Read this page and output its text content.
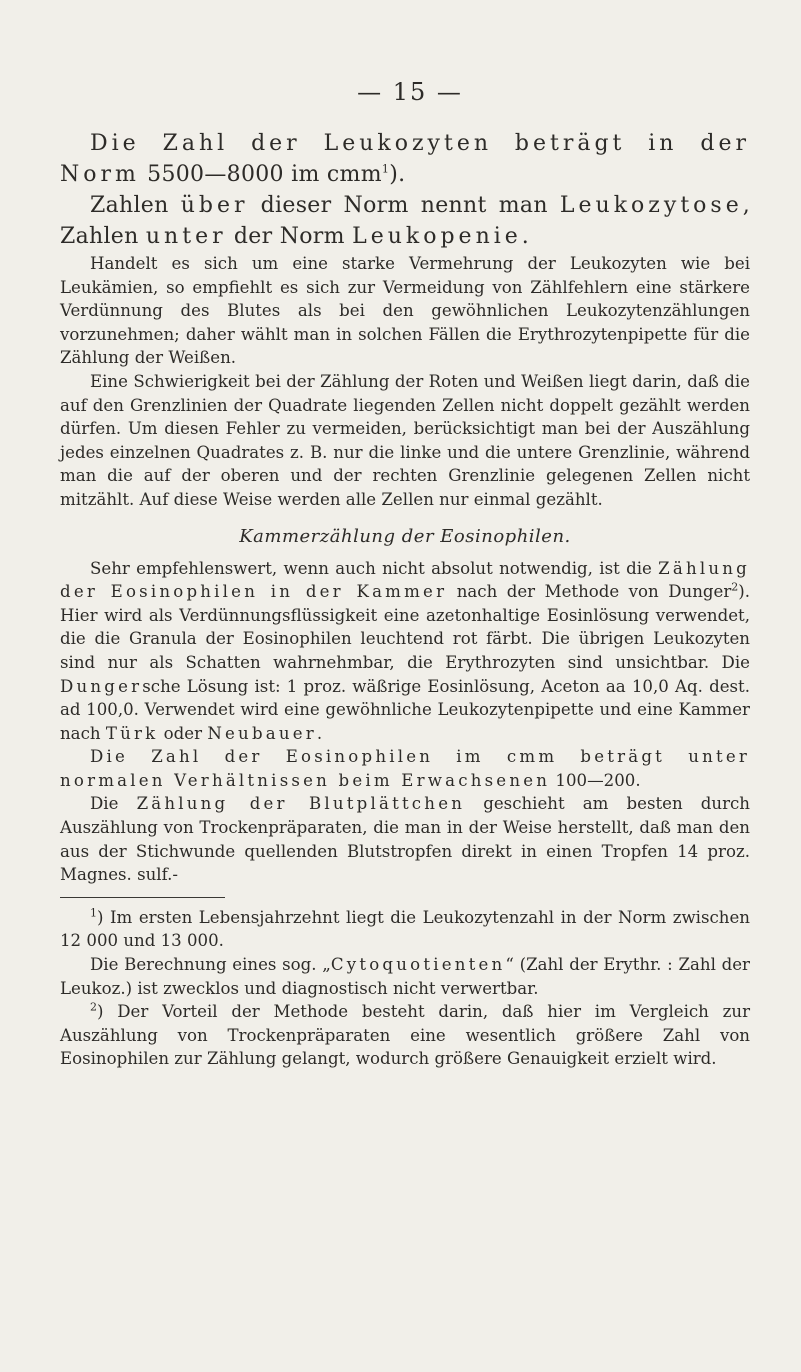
— 15 —

Die Zahl der Leukozyten beträgt in der Norm 5500—8000 im cmm$^1$).

Zahlen über dieser Norm nennt man Leukozytose, Zahlen unter der Norm Leukopenie.

Handelt es sich um eine starke Vermehrung der Leukozyten wie bei Leukämien, so empfiehlt es sich zur Vermeidung von Zählfehlern eine stärkere Verdünnung des Blutes als bei den gewöhnlichen Leukozytenzählungen vorzunehmen; daher wählt man in solchen Fällen die Erythrozytenpipette für die Zählung der Weißen.

Eine Schwierigkeit bei der Zählung der Roten und Weißen liegt darin, daß die auf den Grenzlinien der Quadrate liegenden Zellen nicht doppelt gezählt werden dürfen. Um diesen Fehler zu vermeiden, berücksichtigt man bei der Auszählung jedes einzelnen Quadrates z. B. nur die linke und die untere Grenzlinie, während man die auf der oberen und der rechten Grenzlinie gelegenen Zellen nicht mitzählt. Auf diese Weise werden alle Zellen nur einmal gezählt.

Kammerzählung der Eosinophilen.

Sehr empfehlenswert, wenn auch nicht absolut notwendig, ist die Zählung der Eosinophilen in der Kammer nach der Methode von Dunger$^2$). Hier wird als Verdünnungsflüssigkeit eine azetonhaltige Eosinlösung verwendet, die die Granula der Eosinophilen leuchtend rot färbt. Die übrigen Leukozyten sind nur als Schatten wahrnehmbar, die Erythrozyten sind unsichtbar. Die Dungersche Lösung ist: 1 proz. wäßrige Eosinlösung, Aceton aa 10,0 Aq. dest. ad 100,0. Verwendet wird eine gewöhnliche Leukozytenpipette und eine Kammer nach Türk oder Neubauer.

Die Zahl der Eosinophilen im cmm beträgt unter normalen Verhältnissen beim Erwachsenen 100—200.

Die Zählung der Blutplättchen geschieht am besten durch Auszählung von Trockenpräparaten, die man in der Weise herstellt, daß man den aus der Stichwunde quellenden Blutstropfen direkt in einen Tropfen 14 proz. Magnes. sulf.-

$^1$) Im ersten Lebensjahrzehnt liegt die Leukozytenzahl in der Norm zwischen 12 000 und 13 000.

Die Berechnung eines sog. „Cytoquotienten“ (Zahl der Erythr. : Zahl der Leukoz.) ist zwecklos und diagnostisch nicht verwertbar.

$^2$) Der Vorteil der Methode besteht darin, daß hier im Vergleich zur Auszählung von Trockenpräparaten eine wesentlich größere Zahl von Eosinophilen zur Zählung gelangt, wodurch größere Genauigkeit erzielt wird.
